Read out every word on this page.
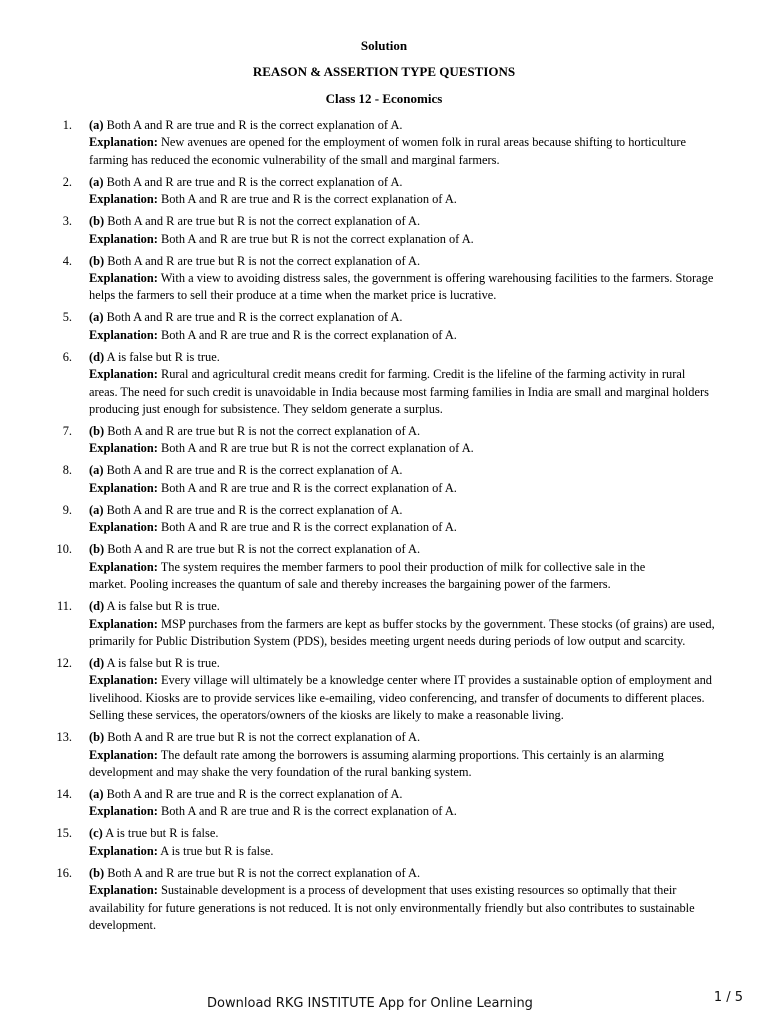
Solution
REASON & ASSERTION TYPE QUESTIONS
Class 12 - Economics
1. (a) Both A and R are true and R is the correct explanation of A.
Explanation: New avenues are opened for the employment of women folk in rural areas because shifting to horticulture
farming has reduced the economic vulnerability of the small and marginal farmers.
2. (a) Both A and R are true and R is the correct explanation of A.
Explanation: Both A and R are true and R is the correct explanation of A.
3. (b) Both A and R are true but R is not the correct explanation of A.
Explanation: Both A and R are true but R is not the correct explanation of A.
4. (b) Both A and R are true but R is not the correct explanation of A.
Explanation: With a view to avoiding distress sales, the government is offering warehousing facilities to the farmers. Storage
helps the farmers to sell their produce at a time when the market price is lucrative.
5. (a) Both A and R are true and R is the correct explanation of A.
Explanation: Both A and R are true and R is the correct explanation of A.
6. (d) A is false but R is true.
Explanation: Rural and agricultural credit means credit for farming. Credit is the lifeline of the farming activity in rural
areas. The need for such credit is unavoidable in India because most farming families in India are small and marginal holders
producing just enough for subsistence. They seldom generate a surplus.
7. (b) Both A and R are true but R is not the correct explanation of A.
Explanation: Both A and R are true but R is not the correct explanation of A.
8. (a) Both A and R are true and R is the correct explanation of A.
Explanation: Both A and R are true and R is the correct explanation of A.
9. (a) Both A and R are true and R is the correct explanation of A.
Explanation: Both A and R are true and R is the correct explanation of A.
10. (b) Both A and R are true but R is not the correct explanation of A.
Explanation: The system requires the member farmers to pool their production of milk for collective sale in the
market. Pooling increases the quantum of sale and thereby increases the bargaining power of the farmers.
11. (d) A is false but R is true.
Explanation: MSP purchases from the farmers are kept as buffer stocks by the government. These stocks (of grains) are used,
primarily for Public Distribution System (PDS), besides meeting urgent needs during periods of low output and scarcity.
12. (d) A is false but R is true.
Explanation: Every village will ultimately be a knowledge center where IT provides a sustainable option of employment and
livelihood. Kiosks are to provide services like e-emailing, video conferencing, and transfer of documents to different places.
Selling these services, the operators/owners of the kiosks are likely to make a reasonable living.
13. (b) Both A and R are true but R is not the correct explanation of A.
Explanation: The default rate among the borrowers is assuming alarming proportions. This certainly is an alarming
development and may shake the very foundation of the rural banking system.
14. (a) Both A and R are true and R is the correct explanation of A.
Explanation: Both A and R are true and R is the correct explanation of A.
15. (c) A is true but R is false.
Explanation: A is true but R is false.
16. (b) Both A and R are true but R is not the correct explanation of A.
Explanation: Sustainable development is a process of development that uses existing resources so optimally that their
availability for future generations is not reduced. It is not only environmentally friendly but also contributes to sustainable
development.
Download RKG INSTITUTE App for Online Learning	1 / 5
